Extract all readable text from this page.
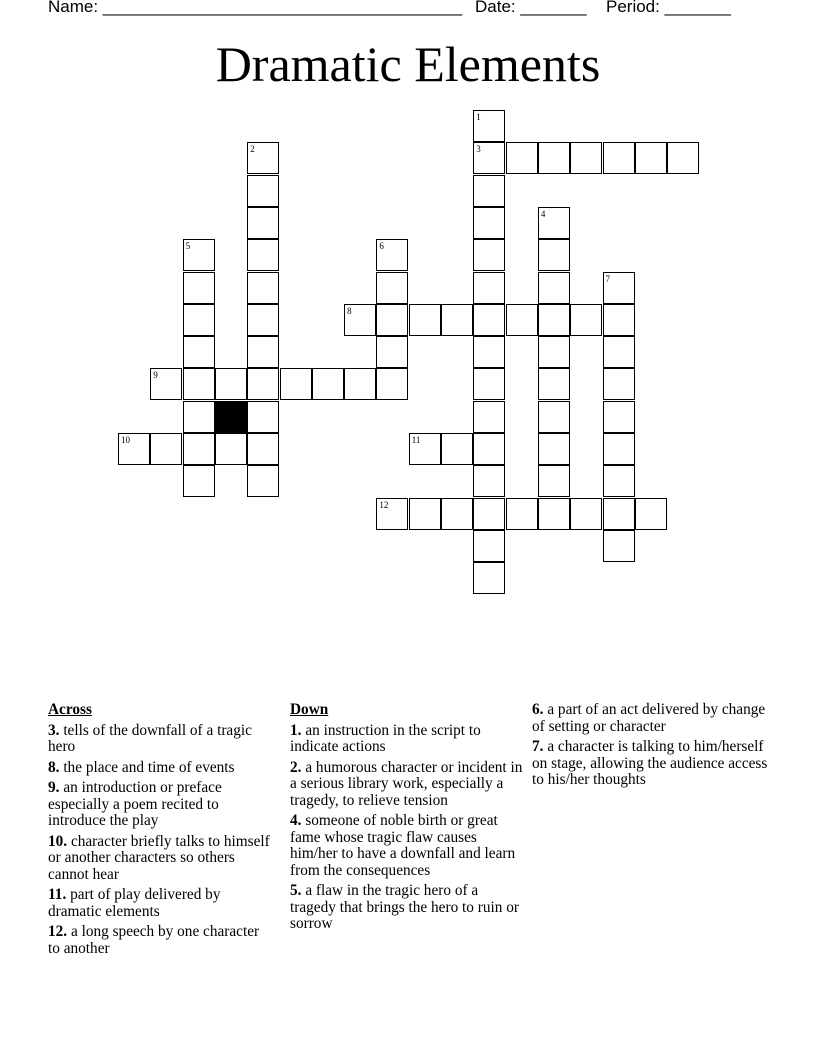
Name: ______________________________________ Date: _______ Period: _______
Dramatic Elements
3
8
9
10	11
12
1
2
4
5	6
7
Across
3. tells of the downfall of a tragic hero
8. the place and time of events
9. an introduction or preface especially a poem recited to introduce the play
10. character briefly talks to himself or another characters so others cannot hear
11. part of play delivered by dramatic elements
12. a long speech by one character to another
Down
1. an instruction in the script to indicate actions
2. a humorous character or incident in a serious library work, especially a tragedy, to relieve tension
4. someone of noble birth or great fame whose tragic flaw causes him/her to have a downfall and learn from the consequences
5. a flaw in the tragic hero of a tragedy that brings the hero to ruin or sorrow
6. a part of an act delivered by change of setting or character
7. a character is talking to him/herself on stage, allowing the audience access to his/her thoughts
